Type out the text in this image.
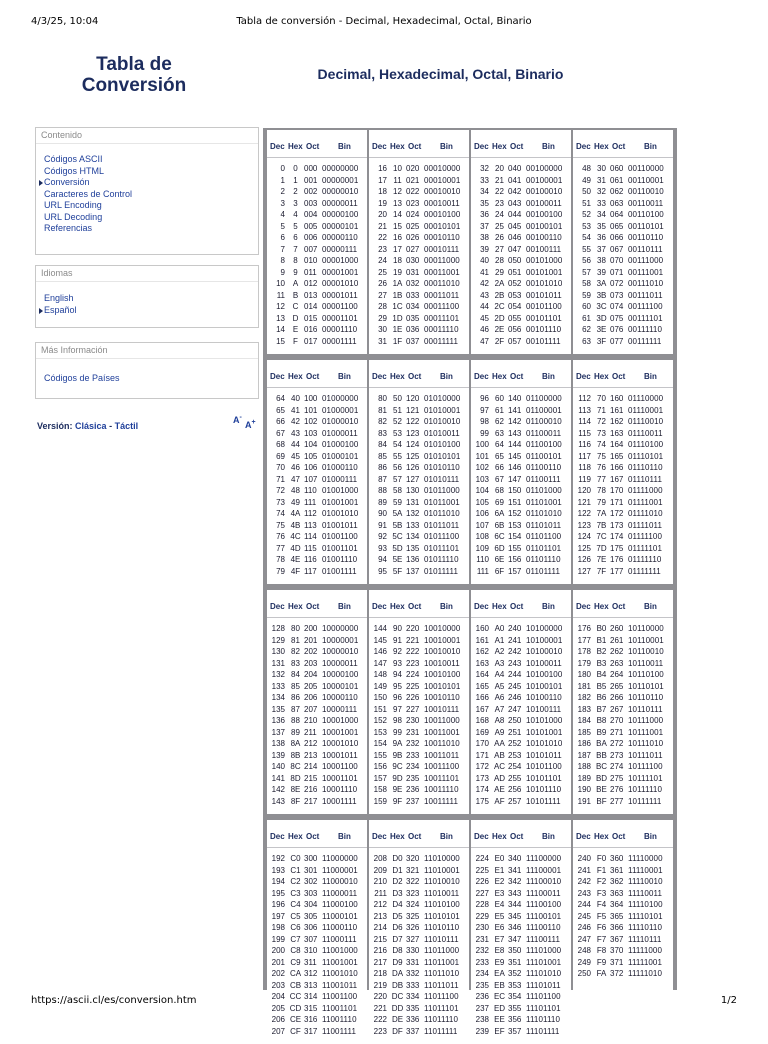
4/3/25, 10:04	Tabla de conversión - Decimal, Hexadecimal, Octal, Binario
Tabla de
Conversión
Decimal, Hexadecimal, Octal, Binario
Contenido
Códigos ASCII
Códigos HTML
Conversión
Caracteres de Control
URL Encoding
URL Decoding
Referencias
Idiomas
English
Español
Más Información
Códigos de Países
Versión: Clásica - Táctil
A-
A+
Dec Hex Oct Bin
0	0 000 00000000
1	1 001 00000001
2	2 002 00000010
3	3 003 00000011
4	4 004 00000100
5	5 005 00000101
6	6 006 00000110
7	7 007 00000111
8	8 010 00001000
9	9 011 00001001
10 A 012 00001010
11 B 013 00001011
12 C 014 00001100
13 D 015 00001101
14 E 016 00001110
15	F 017 00001111
Dec Hex Oct Bin
16 10 020 00010000
17 11 021 00010001
18 12 022 00010010
19 13 023 00010011
20 14 024 00010100
21 15 025 00010101
22 16 026 00010110
23 17 027 00010111
24 18 030 00011000
25 19 031 00011001
26 1A 032 00011010
27 1B 033 00011011
28 1C 034 00011100
29 1D 035 00011101
30 1E 036 00011110
31 1F 037 00011111
Dec Hex Oct Bin
32 20 040 00100000
33 21 041 00100001
34 22 042 00100010
35 23 043 00100011
36 24 044 00100100
37 25 045 00100101
38 26 046 00100110
39 27 047 00100111
40 28 050 00101000
41 29 051 00101001
42 2A 052 00101010
43 2B 053 00101011
44 2C 054 00101100
45 2D 055 00101101
46 2E 056 00101110
47 2F 057 00101111
Dec Hex Oct Bin
48 30 060 00110000
49 31 061 00110001
50 32 062 00110010
51 33 063 00110011
52 34 064 00110100
53 35 065 00110101
54 36 066 00110110
55 37 067 00110111
56 38 070 00111000
57 39 071 00111001
58 3A 072 00111010
59 3B 073 00111011
60 3C 074 00111100
61 3D 075 00111101
62 3E 076 00111110
63 3F 077 00111111
Dec Hex Oct Bin
64 40 100 01000000
65 41 101 01000001
66 42 102 01000010
67 43 103 01000011
68 44 104 01000100
69 45 105 01000101
70 46 106 01000110
71 47 107 01000111
72 48 110 01001000
73 49 111 01001001
74 4A 112 01001010
75 4B 113 01001011
76 4C 114 01001100
77 4D 115 01001101
78 4E 116 01001110
79 4F 117 01001111
Dec Hex Oct Bin
80 50 120 01010000
81 51 121 01010001
82 52 122 01010010
83 53 123 01010011
84 54 124 01010100
85 55 125 01010101
86 56 126 01010110
87 57 127 01010111
88 58 130 01011000
89 59 131 01011001
90 5A 132 01011010
91 5B 133 01011011
92 5C 134 01011100
93 5D 135 01011101
94 5E 136 01011110
95 5F 137 01011111
Dec Hex Oct Bin
96 60 140 01100000
97 61 141 01100001
98 62 142 01100010
99 63 143 01100011
100 64 144 01100100
101 65 145 01100101
102 66 146 01100110
103 67 147 01100111
104 68 150 01101000
105 69 151 01101001
106 6A 152 01101010
107 6B 153 01101011
108 6C 154 01101100
109 6D 155 01101101
110 6E 156 01101110
111 6F 157 01101111
Dec Hex Oct Bin
112 70 160 01110000
113 71 161 01110001
114 72 162 01110010
115 73 163 01110011
116 74 164 01110100
117 75 165 01110101
118 76 166 01110110
119 77 167 01110111
120 78 170 01111000
121 79 171 01111001
122 7A 172 01111010
123 7B 173 01111011
124 7C 174 01111100
125 7D 175 01111101
126 7E 176 01111110
127 7F 177 01111111
Dec Hex Oct Bin
128 80 200 10000000
129 81 201 10000001
130 82 202 10000010
131 83 203 10000011
132 84 204 10000100
133 85 205 10000101
134 86 206 10000110
135 87 207 10000111
136 88 210 10001000
137 89 211 10001001
138 8A 212 10001010
139 8B 213 10001011
140 8C 214 10001100
141 8D 215 10001101
142 8E 216 10001110
143 8F 217 10001111
Dec Hex Oct Bin
144 90 220 10010000
145 91 221 10010001
146 92 222 10010010
147 93 223 10010011
148 94 224 10010100
149 95 225 10010101
150 96 226 10010110
151 97 227 10010111
152 98 230 10011000
153 99 231 10011001
154 9A 232 10011010
155 9B 233 10011011
156 9C 234 10011100
157 9D 235 10011101
158 9E 236 10011110
159 9F 237 10011111
Dec Hex Oct Bin
160 A0 240 10100000
161 A1 241 10100001
162 A2 242 10100010
163 A3 243 10100011
164 A4 244 10100100
165 A5 245 10100101
166 A6 246 10100110
167 A7 247 10100111
168 A8 250 10101000
169 A9 251 10101001
170 AA 252 10101010
171 AB 253 10101011
172 AC 254 10101100
173 AD 255 10101101
174 AE 256 10101110
175 AF 257 10101111
Dec Hex Oct Bin
176 B0 260 10110000
177 B1 261 10110001
178 B2 262 10110010
179 B3 263 10110011
180 B4 264 10110100
181 B5 265 10110101
182 B6 266 10110110
183 B7 267 10110111
184 B8 270 10111000
185 B9 271 10111001
186 BA 272 10111010
187 BB 273 10111011
188 BC 274 10111100
189 BD 275 10111101
190 BE 276 10111110
191 BF 277 10111111
Dec Hex Oct Bin
192 C0 300 11000000
193 C1 301 11000001
194 C2 302 11000010
195 C3 303 11000011
196 C4 304 11000100
197 C5 305 11000101
198 C6 306 11000110
199 C7 307 11000111
200 C8 310 11001000
201 C9 311 11001001
202 CA 312 11001010
203 CB 313 11001011
204 CC 314 11001100
205 CD 315 11001101
206 CE 316 11001110
207 CF 317 11001111
Dec Hex Oct Bin
208 D0 320 11010000
209 D1 321 11010001
210 D2 322 11010010
211 D3 323 11010011
212 D4 324 11010100
213 D5 325 11010101
214 D6 326 11010110
215 D7 327 11010111
216 D8 330 11011000
217 D9 331 11011001
218 DA 332 11011010
219 DB 333 11011011
220 DC 334 11011100
221 DD 335 11011101
222 DE 336 11011110
223 DF 337 11011111
Dec Hex Oct Bin
224 E0 340 11100000
225 E1 341 11100001
226 E2 342 11100010
227 E3 343 11100011
228 E4 344 11100100
229 E5 345 11100101
230 E6 346 11100110
231 E7 347 11100111
232 E8 350 11101000
233 E9 351 11101001
234 EA 352 11101010
235 EB 353 11101011
236 EC 354 11101100
237 ED 355 11101101
238 EE 356 11101110
239 EF 357 11101111
Dec Hex Oct Bin
240 F0 360 11110000
241 F1 361 11110001
242 F2 362 11110010
243 F3 363 11110011
244 F4 364 11110100
245 F5 365 11110101
246 F6 366 11110110
247 F7 367 11110111
248 F8 370 11111000
249 F9 371 11111001
250 FA 372 11111010
https://ascii.cl/es/conversion.htm	1/2
